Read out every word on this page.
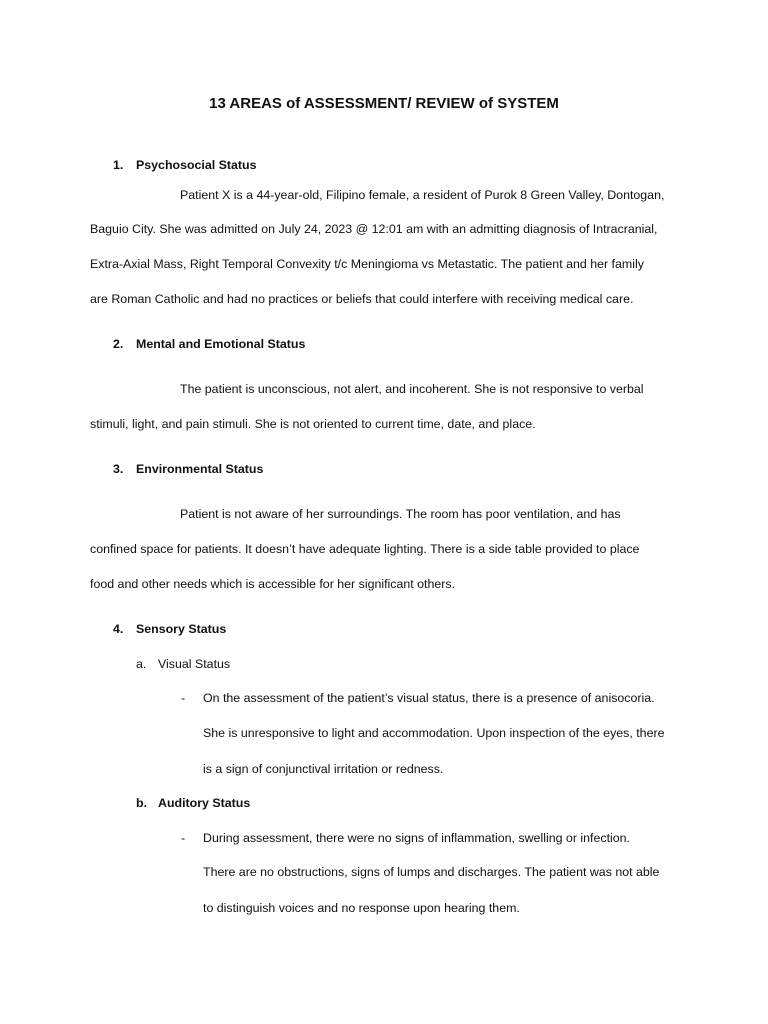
13 AREAS of ASSESSMENT/ REVIEW of SYSTEM
1. Psychosocial Status
Patient X is a 44-year-old, Filipino female, a resident of Purok 8 Green Valley, Dontogan,
Baguio City. She was admitted on July 24, 2023 @ 12:01 am with an admitting diagnosis of Intracranial,
Extra-Axial Mass, Right Temporal Convexity t/c Meningioma vs Metastatic. The patient and her family
are Roman Catholic and had no practices or beliefs that could interfere with receiving medical care.
2. Mental and Emotional Status
The patient is unconscious, not alert, and incoherent. She is not responsive to verbal
stimuli, light, and pain stimuli. She is not oriented to current time, date, and place.
3. Environmental Status
Patient is not aware of her surroundings. The room has poor ventilation, and has
confined space for patients. It doesn’t have adequate lighting. There is a side table provided to place
food and other needs which is accessible for her significant others.
4. Sensory Status
a. Visual Status
- On the assessment of the patient’s visual status, there is a presence of anisocoria.
She is unresponsive to light and accommodation. Upon inspection of the eyes, there
is a sign of conjunctival irritation or redness.
b. Auditory Status
- During assessment, there were no signs of inflammation, swelling or infection.
There are no obstructions, signs of lumps and discharges. The patient was not able
to distinguish voices and no response upon hearing them.
